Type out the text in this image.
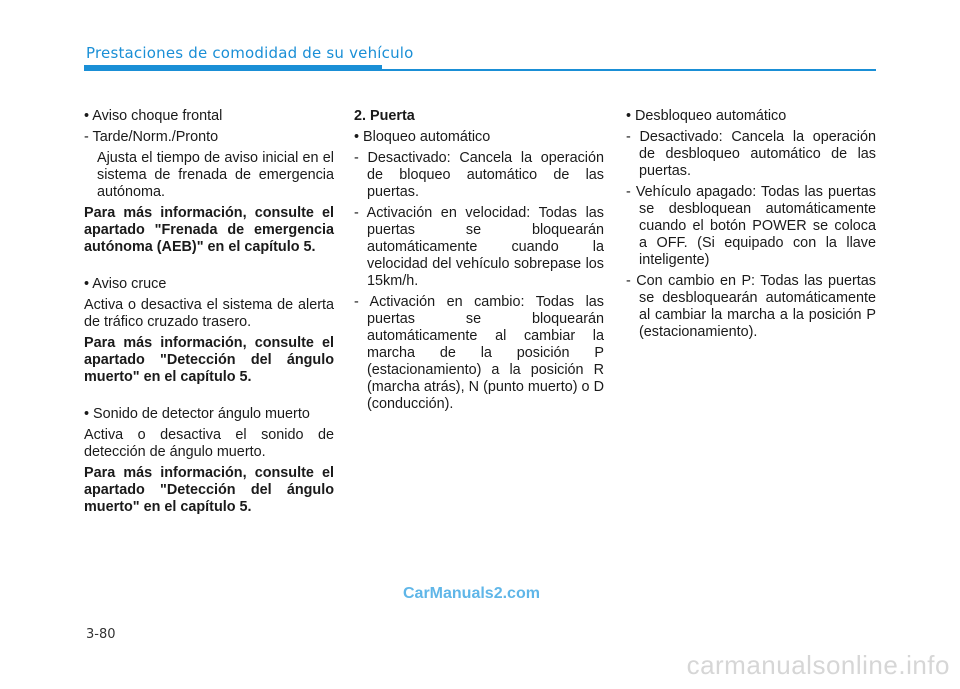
Prestaciones de comodidad de su vehículo

• Aviso choque frontal

- Tarde/Norm./Pronto

Ajusta el tiempo de aviso inicial en el sistema de frenada de emergencia autónoma.

Para más información, consulte el apartado "Frenada de emergencia autónoma (AEB)" en el capítulo 5.

• Aviso cruce

Activa o desactiva el sistema de alerta de tráfico cruzado trasero.

Para más información, consulte el apartado "Detección del ángulo muerto" en el capítulo 5.

• Sonido de detector ángulo muerto

Activa o desactiva el sonido de detección de ángulo muerto.

Para más información, consulte el apartado "Detección del ángulo muerto" en el capítulo 5.

2. Puerta

• Bloqueo automático

- Desactivado: Cancela la operación de bloqueo automático de las puertas.

- Activación en velocidad: Todas las puertas se bloquearán automáticamente cuando la velocidad del vehículo sobrepase los 15km/h.

- Activación en cambio: Todas las puertas se bloquearán automáticamente al cambiar la marcha de la posición P (estacionamiento) a la posición R (marcha atrás), N (punto muerto) o D (conducción).

• Desbloqueo automático

- Desactivado: Cancela la operación de desbloqueo automático de las puertas.

- Vehículo apagado: Todas las puertas se desbloquean automáticamente cuando el botón POWER se coloca a OFF. (Si equipado con la llave inteligente)

- Con cambio en P: Todas las puertas se desbloquearán automáticamente al cambiar la marcha a la posición P (estacionamiento).

CarManuals2.com
3-80
carmanualsonline.info
